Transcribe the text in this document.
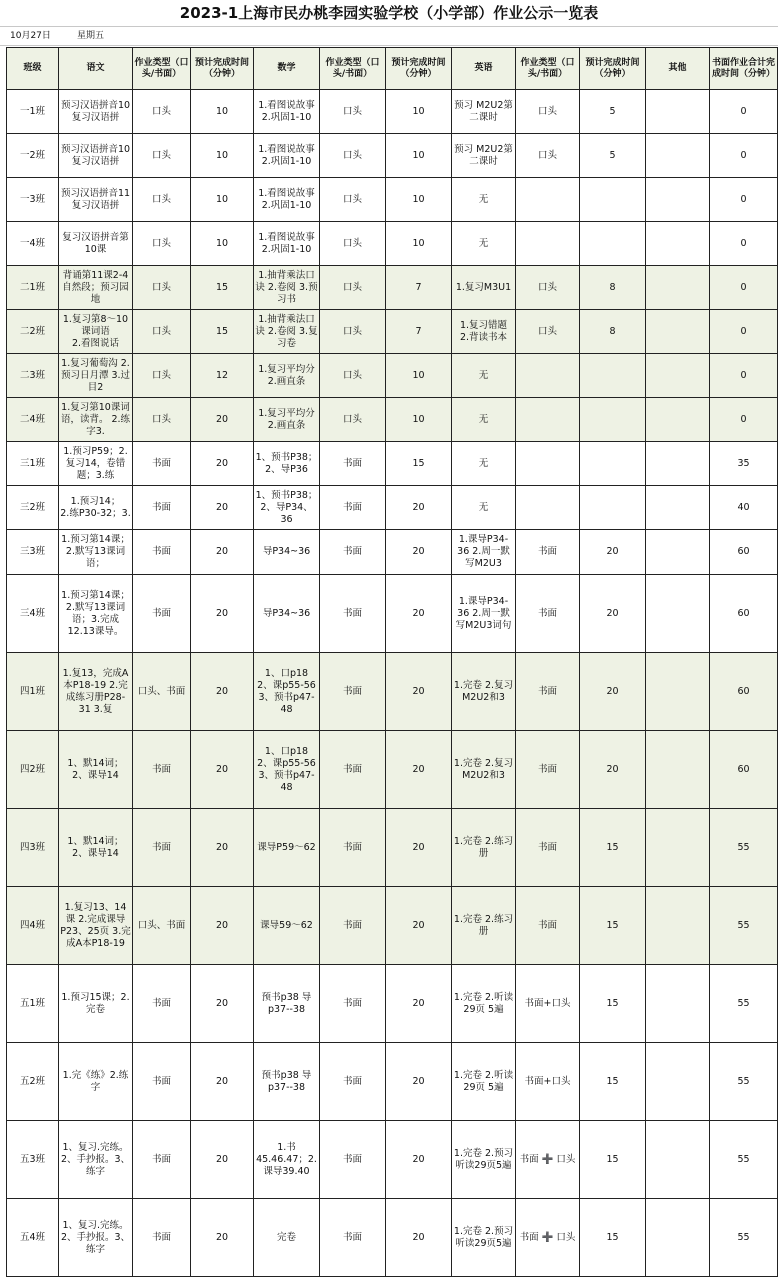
2023-1上海市民办桃李园实验学校（小学部）作业公示一览表
10月27日	星期五
班级	语文	作业类型（口头/书面）	预计完成时间（分钟）	数学	作业类型（口头/书面）	预计完成时间（分钟）	英语	作业类型（口头/书面）	预计完成时间（分钟）	其他	书面作业合计完成时间（分钟）

一1班	预习汉语拼音10
复习汉语拼	口头	10	1.看图说故事
2.巩固1-10	口头	10	预习 M2U2第二课时	口头	5		0

一2班	预习汉语拼音10
复习汉语拼	口头	10	1.看图说故事
2.巩固1-10	口头	10	预习 M2U2第二课时	口头	5		0

一3班	预习汉语拼音11
复习汉语拼	口头	10	1.看图说故事
2.巩固1-10	口头	10	无				0

一4班	复习汉语拼音第10课	口头	10	1.看图说故事
2.巩固1-10	口头	10	无				0

二1班	背诵第11课2-4自然段；预习园地	口头	15	1.抽背乘法口诀 2.卷阅 3.预习书	口头	7	1.复习M3U1	口头	8		0

二2班	1.复习第8～10课词语
2.看图说话	口头	15	1.抽背乘法口诀 2.卷阅 3.复习卷	口头	7	1.复习错题
2.背读书本	口头	8		0

二3班	1.复习葡萄沟 2.预习日月潭 3.过目2	口头	12	1.复习平均分
2.画直条	口头	10	无				0

二4班	1.复习第10课词语，读背。 2.练字3.	口头	20	1.复习平均分
2.画直条	口头	10	无				0

三1班	1.预习P59；2.复习14，卷错题；3.练	书面	20	1、预书P38；2、导P36	书面	15	无				35

三2班	1.预习14；
2.练P30-32；3.	书面	20	1、预书P38；2、导P34、36	书面	20	无				40

三3班	1.预习第14课；2.默写13课词语；	书面	20	导P34~36	书面	20	1.课导P34-36 2.周一默写M2U3	书面	20		60

三4班	1.预习第14课；2.默写13课词语；3.完成12.13课导。	书面	20	导P34~36	书面	20	1.课导P34-36 2.周一默写M2U3词句	书面	20		60

四1班	1.复13，完成A本P18-19 2.完成练习册P28-31 3.复	口头、书面	20	1、口p18
2、课p55-56 3、预书p47-48	书面	20	1.完卷 2.复习M2U2和3	书面	20		60

四2班	1、默14词；2、课导14	书面	20	1、口p18
2、课p55-56 3、预书p47-48	书面	20	1.完卷 2.复习M2U2和3	书面	20		60

四3班	1、默14词；2、课导14	书面	20	课导P59～62	书面	20	1.完卷 2.练习册	书面	15		55

四4班	1.复习13、14课 2.完成课导P23、25页 3.完成A本P18-19	口头、书面	20	课导59～62	书面	20	1.完卷 2.练习册	书面	15		55

五1班	1.预习15课；2.完卷	书面	20	预书p38 导p37--38	书面	20	1.完卷 2.听读29页 5遍	书面+口头	15		55

五2班	1.完《练》2.练字	书面	20	预书p38 导p37--38	书面	20	1.完卷 2.听读29页 5遍	书面+口头	15		55

五3班	1、复习.完练。2、手抄报。3、练字	书面	20	1.书45.46.47；2.课导39.40	书面	20	1.完卷 2.预习听读29页5遍	书面 ➕ 口头	15		55

五4班	1、复习.完练。2、手抄报。3、练字	书面	20	完卷	书面	20	1.完卷 2.预习听读29页5遍	书面 ➕ 口头	15		55
